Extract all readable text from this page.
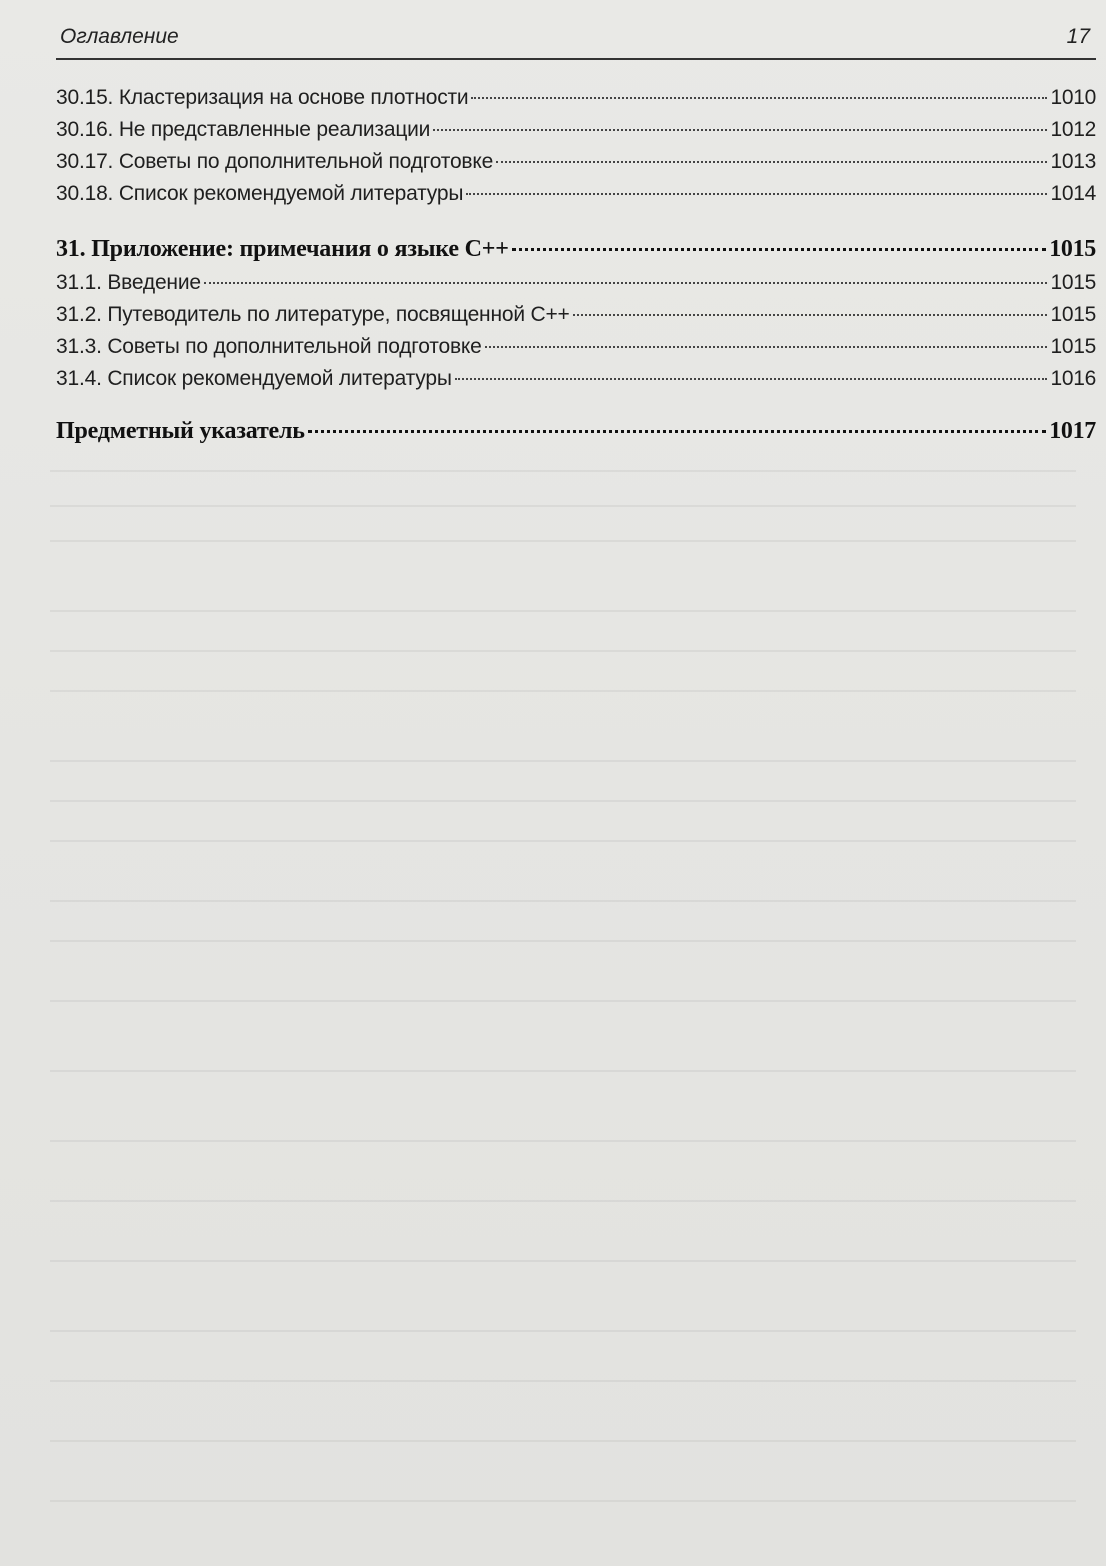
Оглавление	17
30.15. Кластеризация на основе плотности	1010
30.16. Не представленные реализации	1012
30.17. Советы по дополнительной подготовке	1013
30.18. Список рекомендуемой литературы	1014
31. Приложение: примечания о языке С++	1015
31.1. Введение	1015
31.2. Путеводитель по литературе, посвященной С++	1015
31.3. Советы по дополнительной подготовке	1015
31.4. Список рекомендуемой литературы	1016
Предметный указатель	1017
